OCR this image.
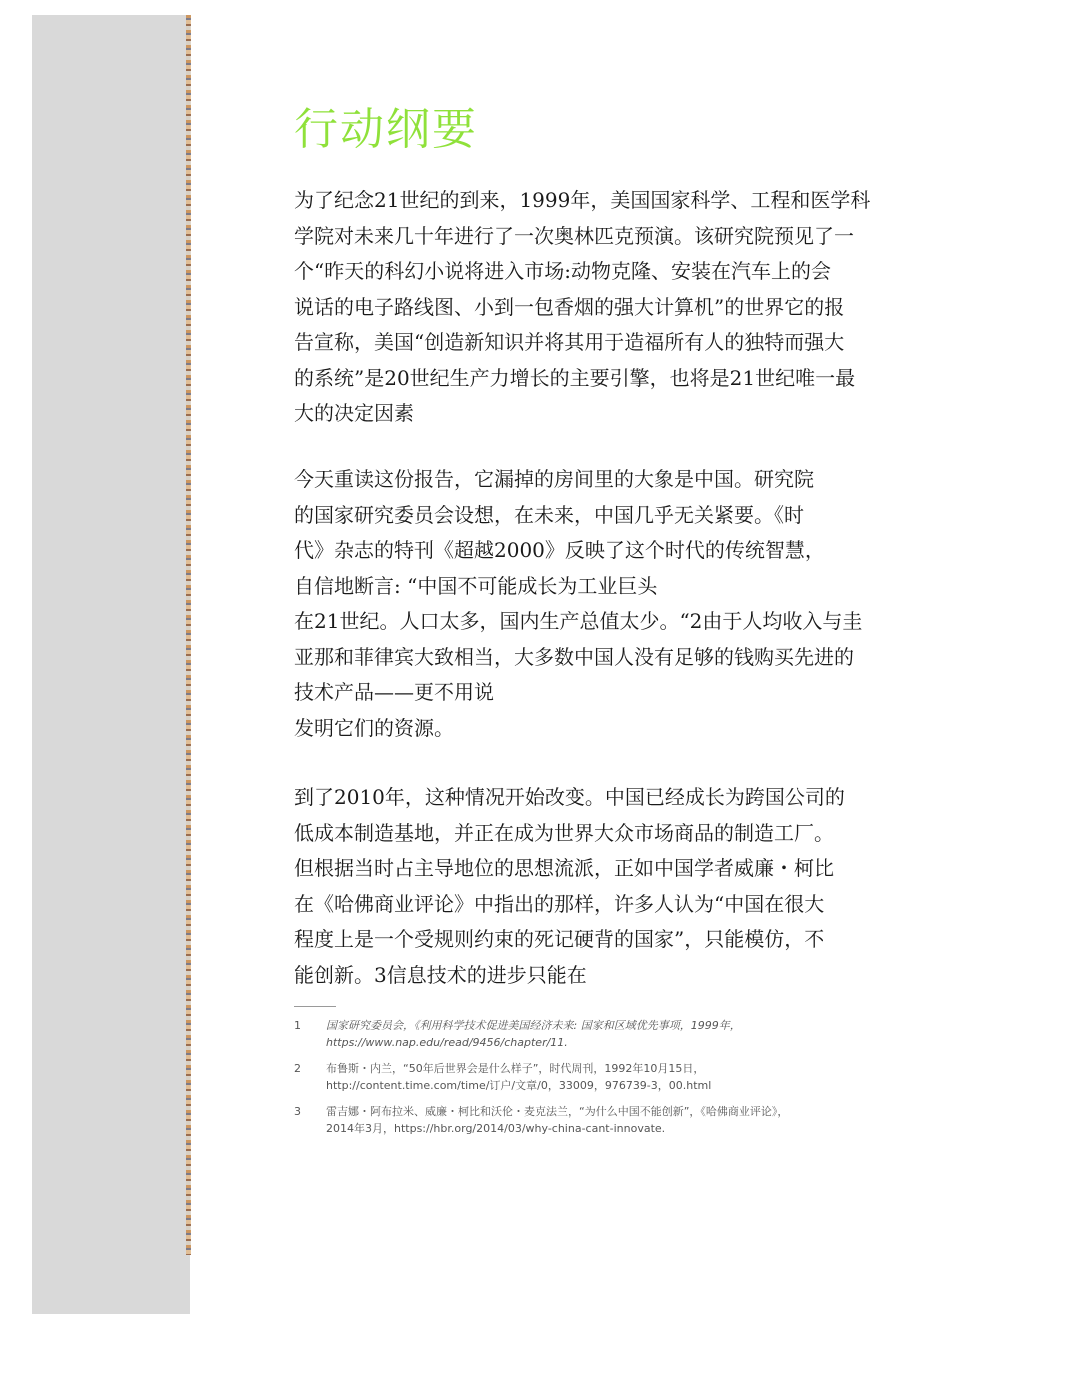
行动纲要
为了纪念21世纪的到来，1999年，美国国家科学、工程和医学科
学院对未来几十年进行了一次奥林匹克预演。该研究院预见了一
个“昨天的科幻小说将进入市场:动物克隆、安装在汽车上的会
说话的电子路线图、小到一包香烟的强大计算机”的世界它的报
告宣称，美国“创造新知识并将其用于造福所有人的独特而强大
的系统”是20世纪生产力增长的主要引擎，也将是21世纪唯一最
大的决定因素
今天重读这份报告，它漏掉的房间里的大象是中国。研究院
的国家研究委员会设想，在未来，中国几乎无关紧要。《时
代》杂志的特刊《超越2000》反映了这个时代的传统智慧，
自信地断言: “中国不可能成长为工业巨头
在21世纪。人口太多，国内生产总值太少。“2由于人均收入与圭
亚那和菲律宾大致相当，大多数中国人没有足够的钱购买先进的
技术产品——更不用说
发明它们的资源。
到了2010年，这种情况开始改变。中国已经成长为跨国公司的
低成本制造基地，并正在成为世界大众市场商品的制造工厂。
但根据当时占主导地位的思想流派，正如中国学者威廉・柯比
在《哈佛商业评论》中指出的那样，许多人认为“中国在很大
程度上是一个受规则约束的死记硬背的国家”，只能模仿，不
能创新。3信息技术的进步只能在
1 国家研究委员会，《利用科学技术促进美国经济未来: 国家和区域优先事项，1999年，
https://www.nap.edu/read/9456/chapter/11.
2 布鲁斯・内兰，“50年后世界会是什么样子”，时代周刊，1992年10月15日，
http://content.time.com/time/订户/文章/0，33009，976739-3，00.html
3 雷吉娜・阿布拉米、威廉・柯比和沃伦・麦克法兰，“为什么中国不能创新”，《哈佛商业评论》，
2014年3月，https://hbr.org/2014/03/why-china-cant-innovate.
